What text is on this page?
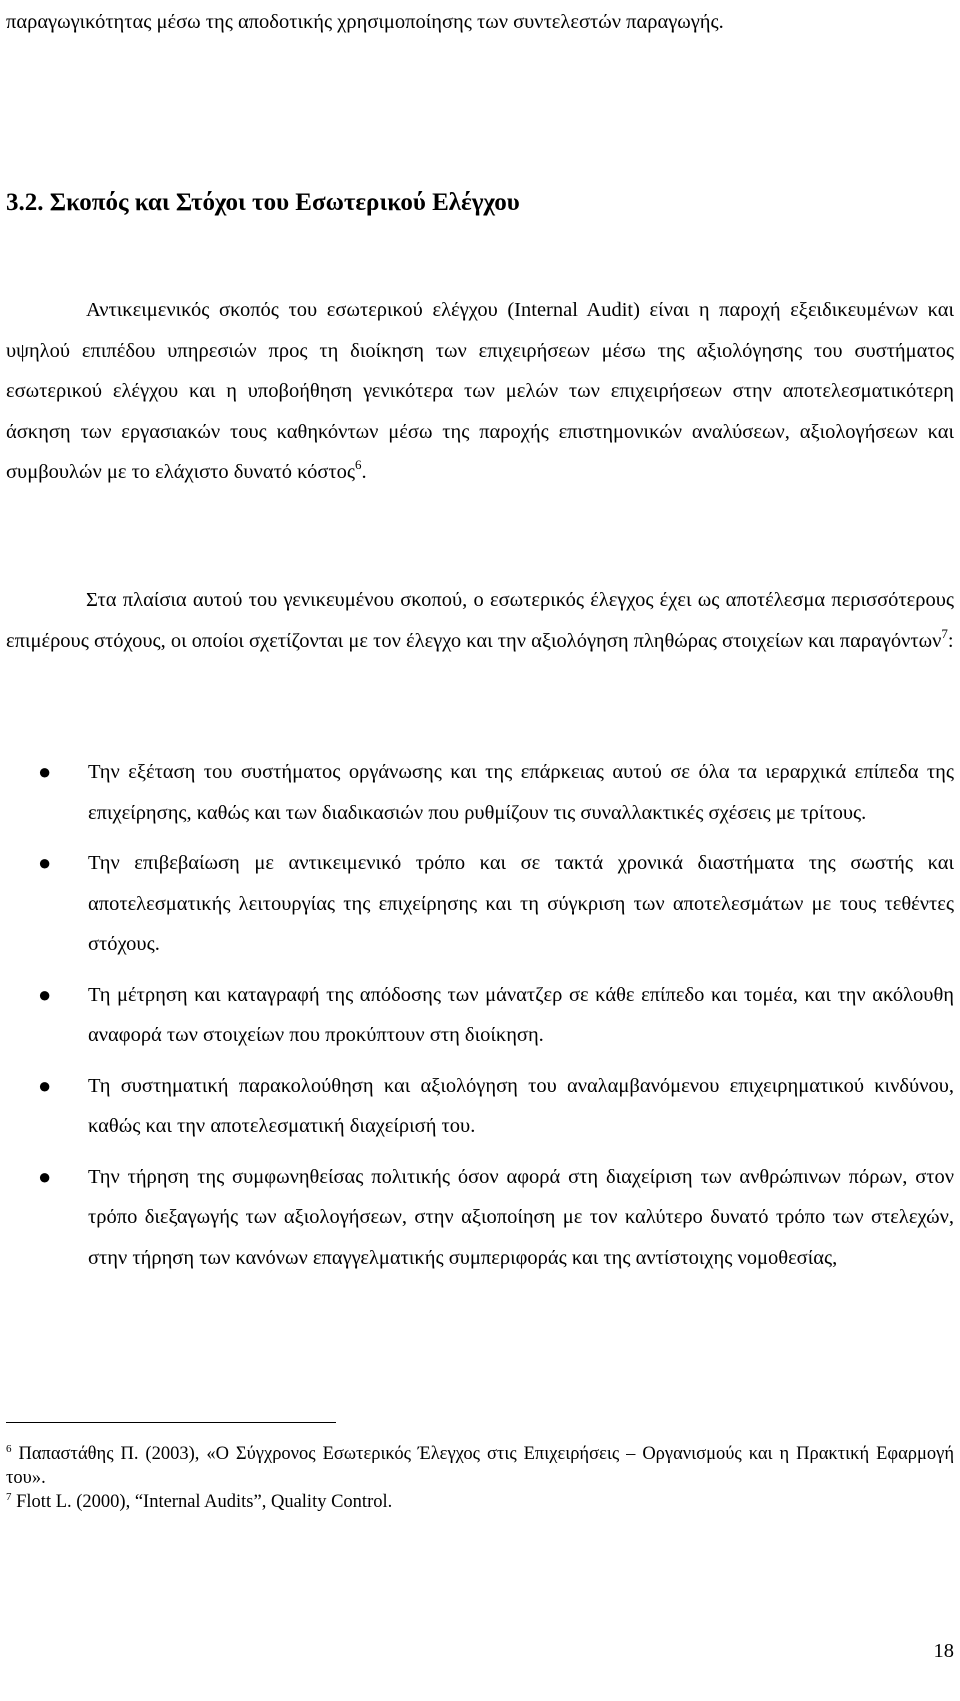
παραγωγικότητας μέσω της αποδοτικής χρησιμοποίησης των συντελεστών παραγωγής.

3.2. Σκοπός και Στόχοι του Εσωτερικού Ελέγχου

Αντικειμενικός σκοπός του εσωτερικού ελέγχου (Internal Audit) είναι η παροχή εξειδικευμένων και υψηλού επιπέδου υπηρεσιών προς τη διοίκηση των επιχειρήσεων μέσω της αξιολόγησης του συστήματος εσωτερικού ελέγχου και η υποβοήθηση γενικότερα των μελών των επιχειρήσεων στην αποτελεσματικότερη άσκηση των εργασιακών τους καθηκόντων μέσω της παροχής επιστημονικών αναλύσεων, αξιολογήσεων και συμβουλών με το ελάχιστο δυνατό κόστος$^6$.

Στα πλαίσια αυτού του γενικευμένου σκοπού, ο εσωτερικός έλεγχος έχει ως αποτέλεσμα περισσότερους επιμέρους στόχους, οι οποίοι σχετίζονται με τον έλεγχο και την αξιολόγηση πληθώρας στοιχείων και παραγόντων$^7$:

● Την εξέταση του συστήματος οργάνωσης και της επάρκειας αυτού σε όλα τα ιεραρχικά επίπεδα της επιχείρησης, καθώς και των διαδικασιών που ρυθμίζουν τις συναλλακτικές σχέσεις με τρίτους.
● Την επιβεβαίωση με αντικειμενικό τρόπο και σε τακτά χρονικά διαστήματα της σωστής και αποτελεσματικής λειτουργίας της επιχείρησης και τη σύγκριση των αποτελεσμάτων με τους τεθέντες στόχους.
● Τη μέτρηση και καταγραφή της απόδοσης των μάνατζερ σε κάθε επίπεδο και τομέα, και την ακόλουθη αναφορά των στοιχείων που προκύπτουν στη διοίκηση.
● Τη συστηματική παρακολούθηση και αξιολόγηση του αναλαμβανόμενου επιχειρηματικού κινδύνου, καθώς και την αποτελεσματική διαχείρισή του.
● Την τήρηση της συμφωνηθείσας πολιτικής όσον αφορά στη διαχείριση των ανθρώπινων πόρων, στον τρόπο διεξαγωγής των αξιολογήσεων, στην αξιοποίηση με τον καλύτερο δυνατό τρόπο των στελεχών, στην τήρηση των κανόνων επαγγελματικής συμπεριφοράς και της αντίστοιχης νομοθεσίας,

$^6$ Παπαστάθης Π. (2003), «Ο Σύγχρονος Εσωτερικός Έλεγχος στις Επιχειρήσεις – Οργανισμούς και η Πρακτική Εφαρμογή του».

$^7$ Flott L. (2000), “Internal Audits”, Quality Control.

18
